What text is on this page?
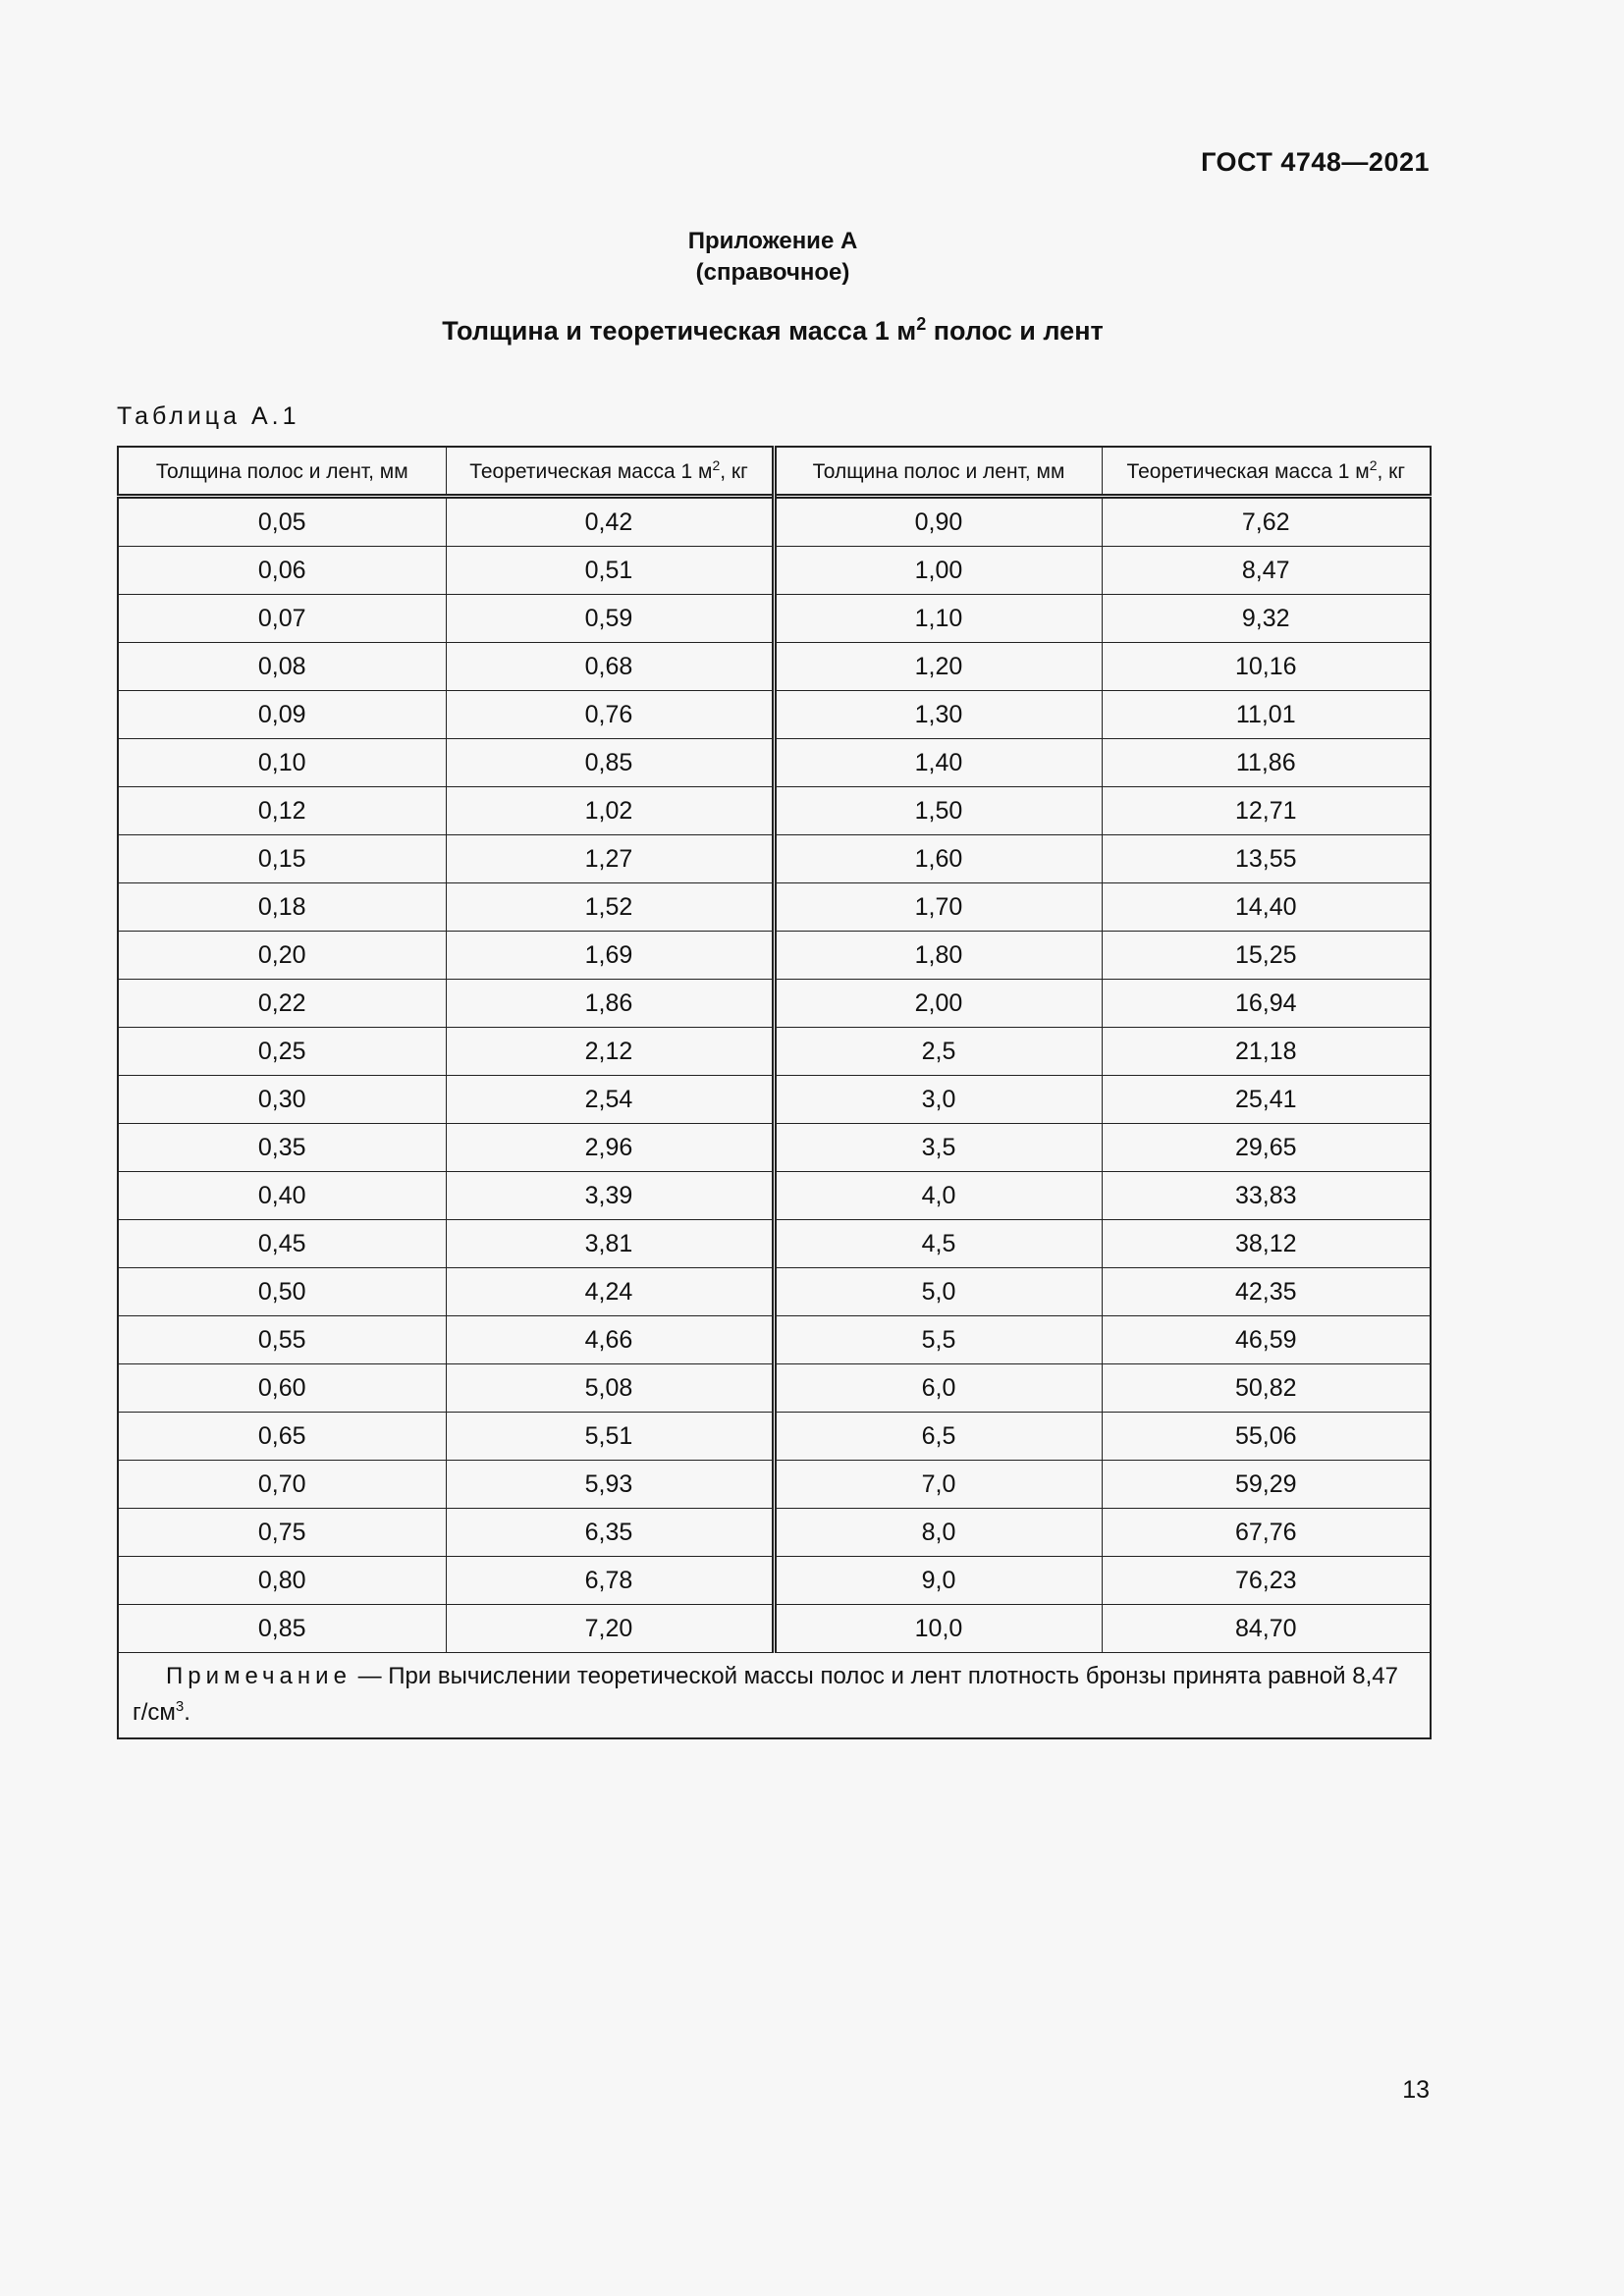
ГОСТ 4748—2021
Приложение А
(справочное)
Толщина и теоретическая масса 1 $м^2$ полос и лент
Таблица А.1
Толщина полос и лент, мм	Теоретическая масса 1 $м^2$, кг	Толщина полос и лент, мм	Теоретическая масса 1 $м^2$, кг
0,05	0,42	0,90	7,62
0,06	0,51	1,00	8,47
0,07	0,59	1,10	9,32
0,08	0,68	1,20	10,16
0,09	0,76	1,30	11,01
0,10	0,85	1,40	11,86
0,12	1,02	1,50	12,71
0,15	1,27	1,60	13,55
0,18	1,52	1,70	14,40
0,20	1,69	1,80	15,25
0,22	1,86	2,00	16,94
0,25	2,12	2,5	21,18
0,30	2,54	3,0	25,41
0,35	2,96	3,5	29,65
0,40	3,39	4,0	33,83
0,45	3,81	4,5	38,12
0,50	4,24	5,0	42,35
0,55	4,66	5,5	46,59
0,60	5,08	6,0	50,82
0,65	5,51	6,5	55,06
0,70	5,93	7,0	59,29
0,75	6,35	8,0	67,76
0,80	6,78	9,0	76,23
0,85	7,20	10,0	84,70
Примечание — При вычислении теоретической массы полос и лент плотность бронзы принята равной 8,47 $г/см^3$.			
13
